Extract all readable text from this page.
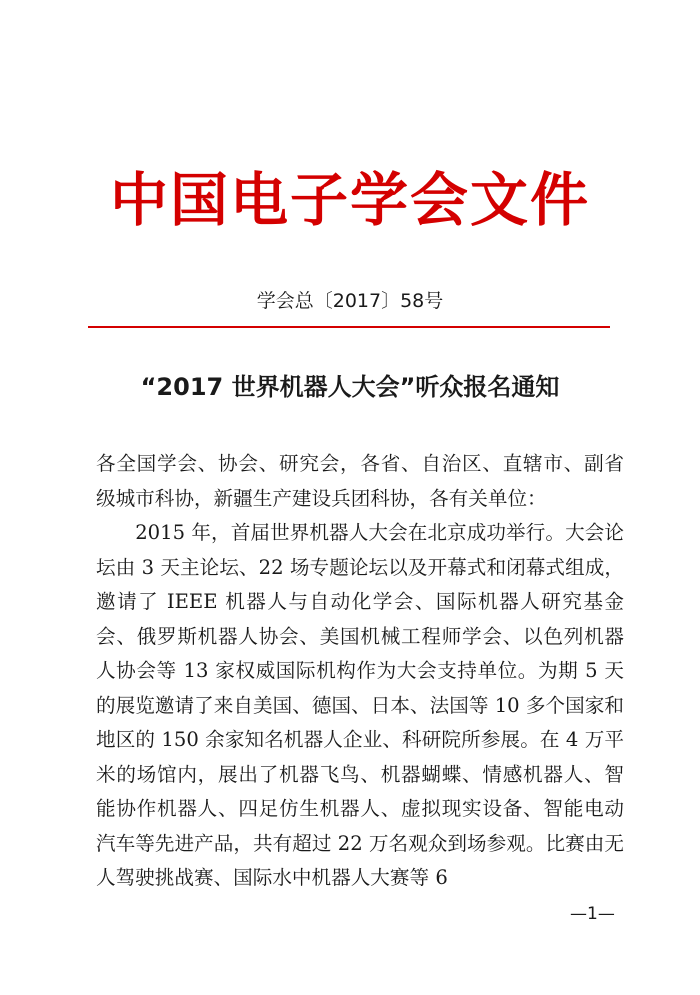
中国电子学会文件
学会总〔2017〕58号
“2017 世界机器人大会”听众报名通知

各全国学会、协会、研究会，各省、自治区、直辖市、副省级城市科协，新疆生产建设兵团科协，各有关单位：

2015 年，首届世界机器人大会在北京成功举行。大会论坛由 3 天主论坛、22 场专题论坛以及开幕式和闭幕式组成，邀请了 IEEE 机器人与自动化学会、国际机器人研究基金会、俄罗斯机器人协会、美国机械工程师学会、以色列机器人协会等 13 家权威国际机构作为大会支持单位。为期 5 天的展览邀请了来自美国、德国、日本、法国等 10 多个国家和地区的 150 余家知名机器人企业、科研院所参展。在 4 万平米的场馆内，展出了机器飞鸟、机器蝴蝶、情感机器人、智能协作机器人、四足仿生机器人、虚拟现实设备、智能电动汽车等先进产品，共有超过 22 万名观众到场参观。比赛由无人驾驶挑战赛、国际水中机器人大赛等 6

—1—
